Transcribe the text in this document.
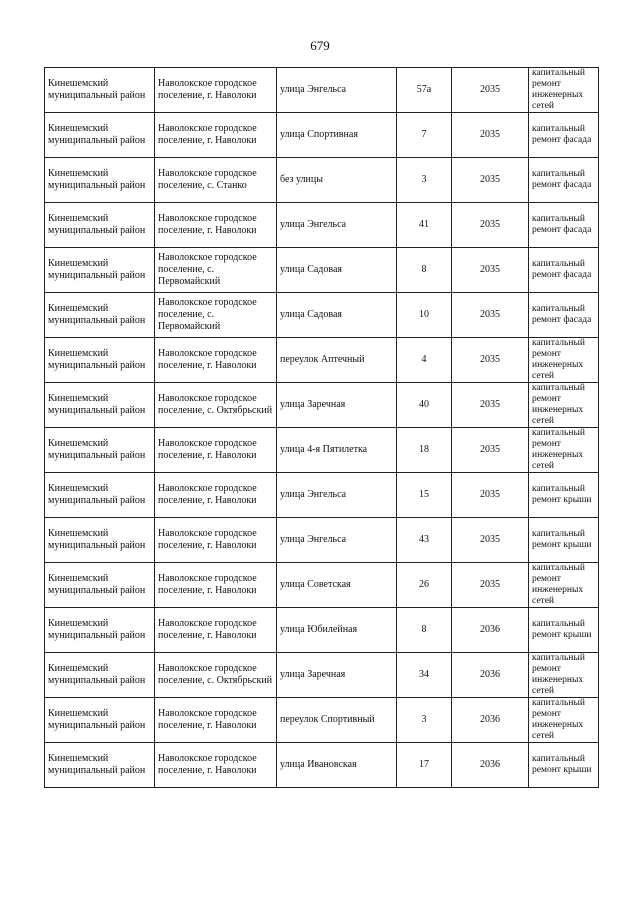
679
Кинешемский муниципальный район	Наволокское городское поселение, г. Наволоки	улица Энгельса	57а	2035	капитальный ремонт инженерных сетей
Кинешемский муниципальный район	Наволокское городское поселение, г. Наволоки	улица Спортивная	7	2035	капитальный ремонт фасада
Кинешемский муниципальный район	Наволокское городское поселение, с. Станко	без улицы	3	2035	капитальный ремонт фасада
Кинешемский муниципальный район	Наволокское городское поселение, г. Наволоки	улица Энгельса	41	2035	капитальный ремонт фасада
Кинешемский муниципальный район	Наволокское городское поселение, с. Первомайский	улица Садовая	8	2035	капитальный ремонт фасада
Кинешемский муниципальный район	Наволокское городское поселение, с. Первомайский	улица Садовая	10	2035	капитальный ремонт фасада
Кинешемский муниципальный район	Наволокское городское поселение, г. Наволоки	переулок Аптечный	4	2035	капитальный ремонт инженерных сетей
Кинешемский муниципальный район	Наволокское городское поселение, с. Октябрьский	улица Заречная	40	2035	капитальный ремонт инженерных сетей
Кинешемский муниципальный район	Наволокское городское поселение, г. Наволоки	улица 4-я Пятилетка	18	2035	капитальный ремонт инженерных сетей
Кинешемский муниципальный район	Наволокское городское поселение, г. Наволоки	улица Энгельса	15	2035	капитальный ремонт крыши
Кинешемский муниципальный район	Наволокское городское поселение, г. Наволоки	улица Энгельса	43	2035	капитальный ремонт крыши
Кинешемский муниципальный район	Наволокское городское поселение, г. Наволоки	улица Советская	26	2035	капитальный ремонт инженерных сетей
Кинешемский муниципальный район	Наволокское городское поселение, г. Наволоки	улица Юбилейная	8	2036	капитальный ремонт крыши
Кинешемский муниципальный район	Наволокское городское поселение, с. Октябрьский	улица Заречная	34	2036	капитальный ремонт инженерных сетей
Кинешемский муниципальный район	Наволокское городское поселение, г. Наволоки	переулок Спортивный	3	2036	капитальный ремонт инженерных сетей
Кинешемский муниципальный район	Наволокское городское поселение, г. Наволоки	улица Ивановская	17	2036	капитальный ремонт крыши
